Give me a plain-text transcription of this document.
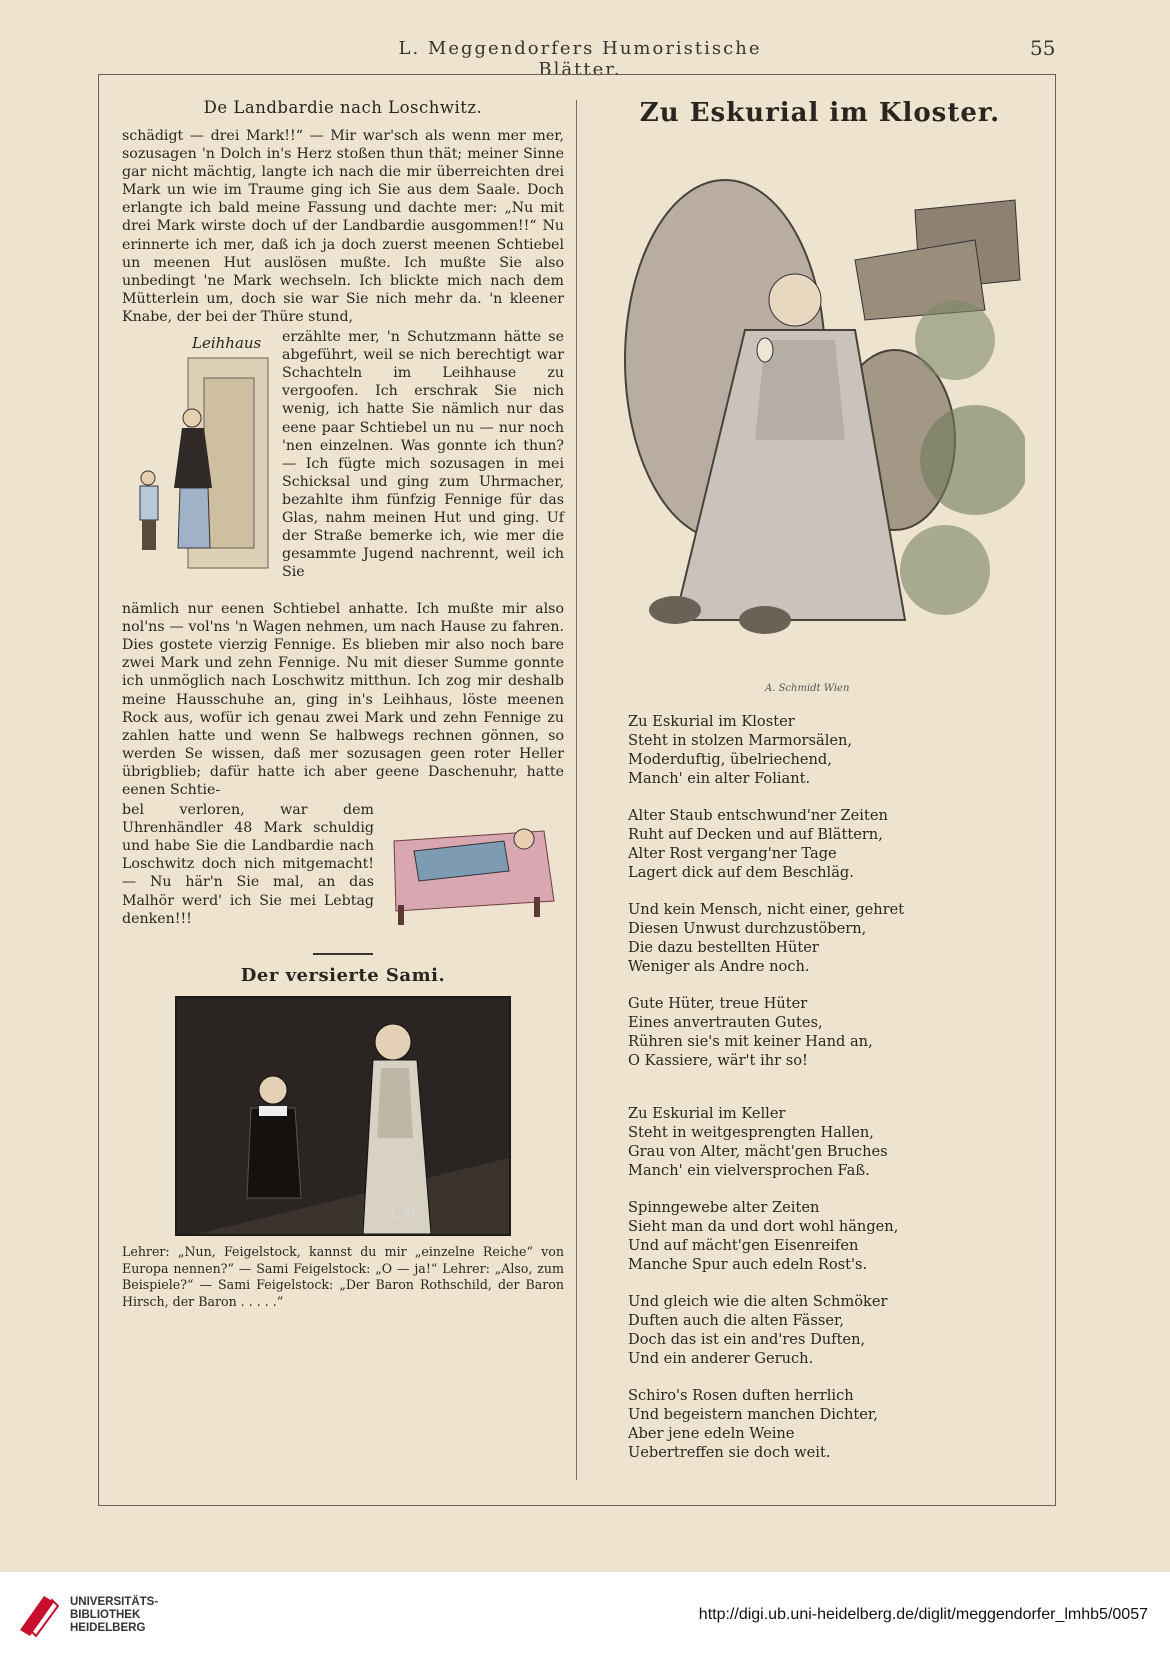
L. Meggendorfers Humoristische Blätter.
55
De Landbardie nach Loschwitz.

schädigt — drei Mark!!“ — Mir war'sch als wenn mer mer, sozusagen 'n Dolch in's Herz stoßen thun thät; meiner Sinne gar nicht mächtig, langte ich nach die mir überreichten drei Mark un wie im Traume ging ich Sie aus dem Saale. Doch erlangte ich bald meine Fassung und dachte mer: „Nu mit drei Mark wirste doch uf der Landbardie ausgommen!!“ Nu erinnerte ich mer, daß ich ja doch zuerst meenen Schtiebel un meenen Hut auslösen mußte. Ich mußte Sie also unbedingt 'ne Mark wechseln. Ich blickte mich nach dem Mütterlein um, doch sie war Sie nich mehr da. 'n kleener Knabe, der bei der Thüre stund,

Leihhaus erzählte mer, 'n Schutzmann hätte se abgeführt, weil se nich berechtigt war Schachteln im Leihhause zu vergoofen. Ich erschrak Sie nich wenig, ich hatte Sie nämlich nur das eene paar Schtiebel un nu — nur noch 'nen einzelnen. Was gonnte ich thun? — Ich fügte mich sozusagen in mei Schicksal und ging zum Uhrmacher, bezahlte ihm fünfzig Fennige für das Glas, nahm meinen Hut und ging. Uf der Straße bemerke ich, wie mer die gesammte Jugend nachrennt, weil ich Sie

nämlich nur eenen Schtiebel anhatte. Ich mußte mir also nol'ns — vol'ns 'n Wagen nehmen, um nach Hause zu fahren. Dies gostete vierzig Fennige. Es blieben mir also noch bare zwei Mark und zehn Fennige. Nu mit dieser Summe gonnte ich unmöglich nach Loschwitz mitthun. Ich zog mir deshalb meine Hausschuhe an, ging in's Leihhaus, löste meenen Rock aus, wofür ich genau zwei Mark und zehn Fennige zu zahlen hatte und wenn Se halbwegs rechnen gönnen, so werden Se wissen, daß mer sozusagen geen roter Heller übrigblieb; dafür hatte ich aber geene Daschenuhr, hatte eenen Schtie-

bel verloren, war dem Uhrenhändler 48 Mark schuldig und habe Sie die Landbardie nach Loschwitz doch nich mitgemacht! — Nu här'n Sie mal, an das Malhör werd' ich Sie mei Lebtag denken!!!

Der versierte Sami.
L. M.
Lehrer: „Nun, Feigelstock, kannst du mir „einzelne Reiche“ von Europa nennen?“ — Sami Feigelstock: „O — ja!“ Lehrer: „Also, zum Beispiele?“ — Sami Feigelstock: „Der Baron Rothschild, der Baron Hirsch, der Baron . . . . .“
Zu Eskurial im Kloster.
A. Schmidt Wien
Zu Eskurial im Kloster
Steht in stolzen Marmorsälen,
Moderduftig, übelriechend,
Manch' ein alter Foliant.
Alter Staub entschwund'ner Zeiten
Ruht auf Decken und auf Blättern,
Alter Rost vergang'ner Tage
Lagert dick auf dem Beschläg.
Und kein Mensch, nicht einer, gehret
Diesen Unwust durchzustöbern,
Die dazu bestellten Hüter
Weniger als Andre noch.
Gute Hüter, treue Hüter
Eines anvertrauten Gutes,
Rühren sie's mit keiner Hand an,
O Kassiere, wär't ihr so!
Zu Eskurial im Keller
Steht in weitgesprengten Hallen,
Grau von Alter, mächt'gen Bruches
Manch' ein vielversprochen Faß.
Spinngewebe alter Zeiten
Sieht man da und dort wohl hängen,
Und auf mächt'gen Eisenreifen
Manche Spur auch edeln Rost's.
Und gleich wie die alten Schmöker
Duften auch die alten Fässer,
Doch das ist ein and'res Duften,
Und ein anderer Geruch.
Schiro's Rosen duften herrlich
Und begeistern manchen Dichter,
Aber jene edeln Weine
Uebertreffen sie doch weit.
UNIVERSITÄTS-
BIBLIOTHEK
HEIDELBERG
http://digi.ub.uni-heidelberg.de/diglit/meggendorfer_lmhb5/0057
